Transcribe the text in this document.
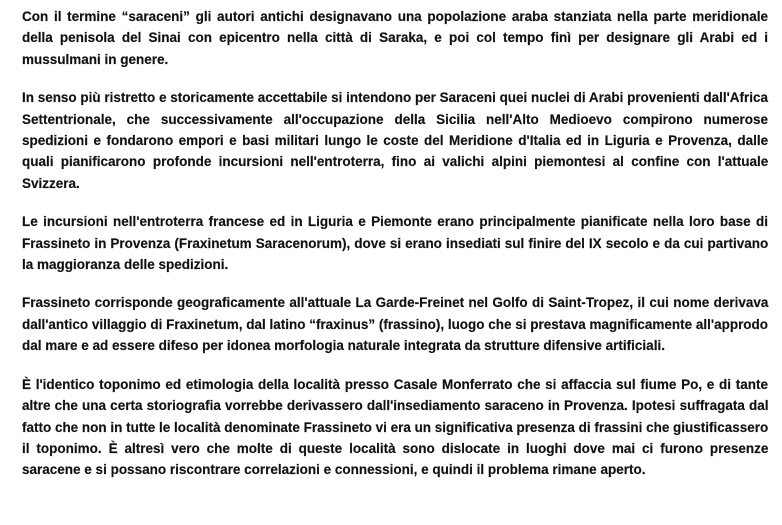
Con il termine “saraceni” gli autori antichi designavano una popolazione araba stanziata nella parte meridionale
della penisola del Sinai con epicentro nella città di Saraka, e poi col tempo finì per designare gli Arabi ed i
mussulmani in genere.

In senso più ristretto e storicamente accettabile si intendono per Saraceni quei nuclei di Arabi provenienti dall'Africa
Settentrionale, che successivamente all'occupazione della Sicilia nell'Alto Medioevo compirono numerose
spedizioni e fondarono empori e basi militari lungo le coste del Meridione d'Italia ed in Liguria e Provenza, dalle
quali pianificarono profonde incursioni nell'entroterra, fino ai valichi alpini piemontesi al confine con l'attuale
Svizzera.

Le incursioni nell'entroterra francese ed in Liguria e Piemonte erano principalmente pianificate nella loro base di
Frassineto in Provenza (Fraxinetum Saracenorum), dove si erano insediati sul finire del IX secolo e da cui partivano
la maggioranza delle spedizioni.

Frassineto corrisponde geograficamente all'attuale La Garde-Freinet nel Golfo di Saint-Tropez, il cui nome derivava
dall'antico villaggio di Fraxinetum, dal latino “fraxinus” (frassino), luogo che si prestava magnificamente all'approdo
dal mare e ad essere difeso per idonea morfologia naturale integrata da strutture difensive artificiali.

È l'identico toponimo ed etimologia della località presso Casale Monferrato che si affaccia sul fiume Po, e di tante
altre che una certa storiografia vorrebbe derivassero dall'insediamento saraceno in Provenza. Ipotesi suffragata dal
fatto che non in tutte le località denominate Frassineto vi era un significativa presenza di frassini che giustificassero
il toponimo. È altresì vero che molte di queste località sono dislocate in luoghi dove mai ci furono presenze
saracene e si possano riscontrare correlazioni e connessioni, e quindi il problema rimane aperto.
